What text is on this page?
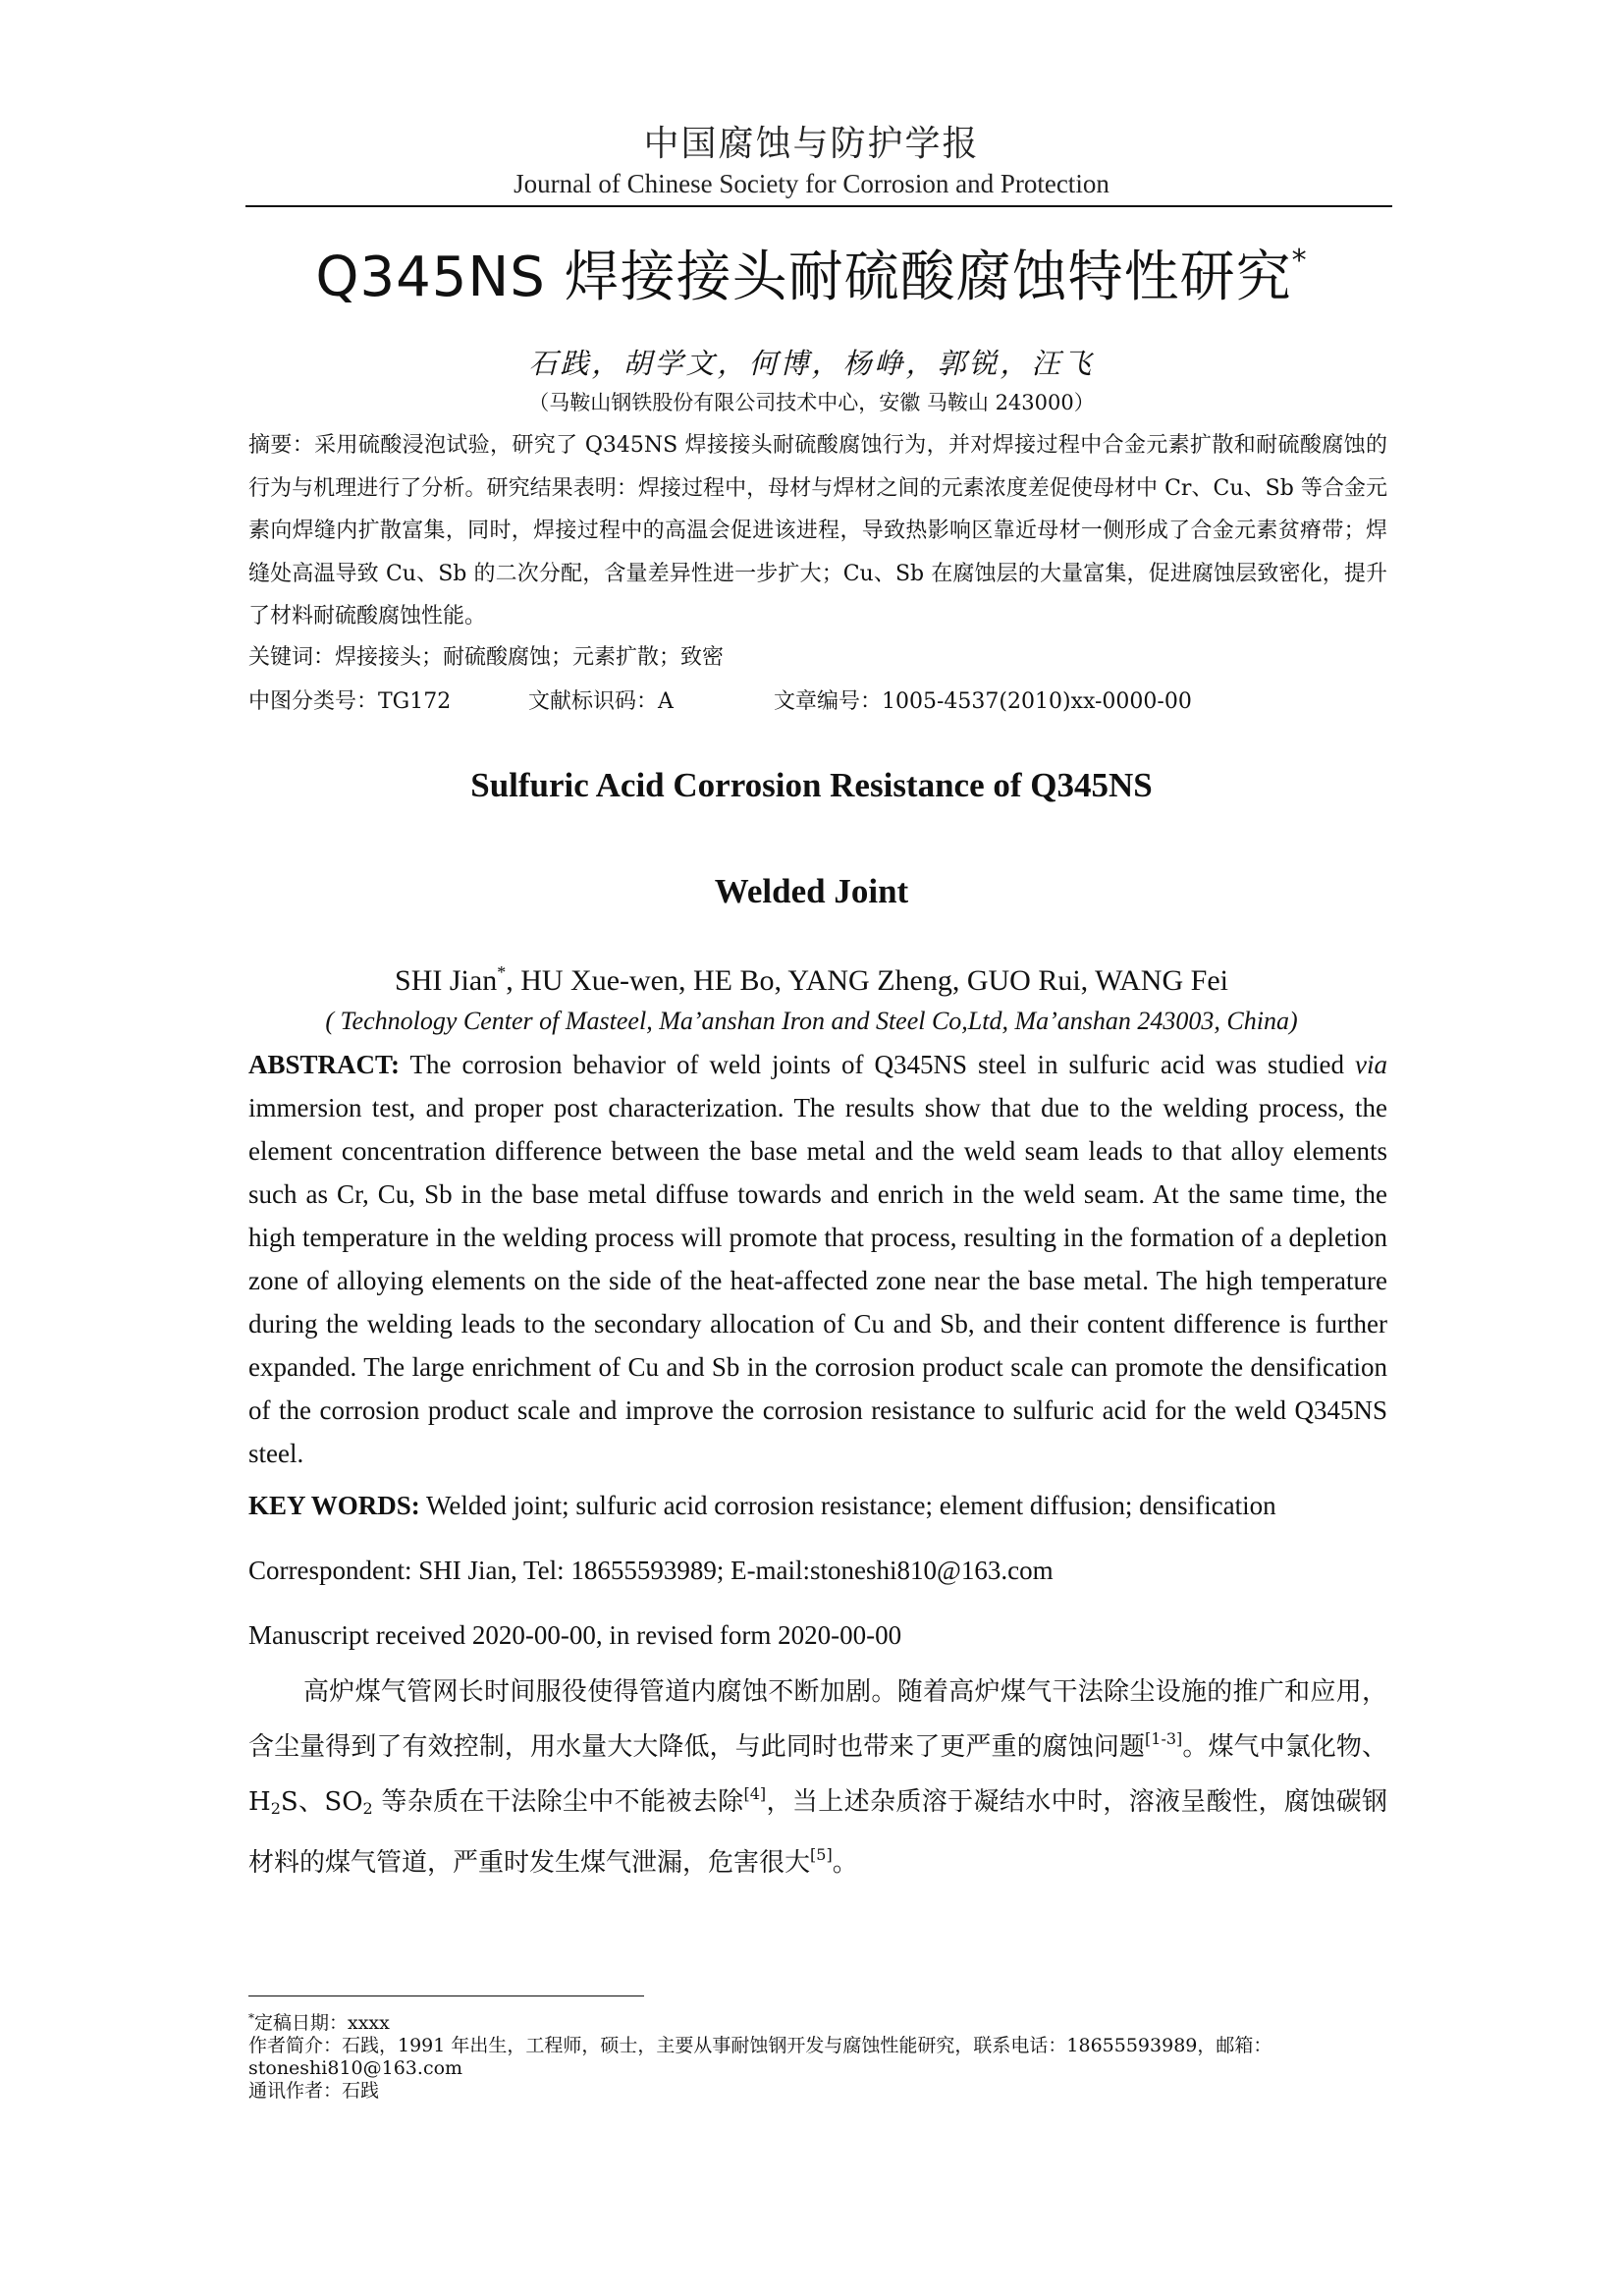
中国腐蚀与防护学报
Journal of Chinese Society for Corrosion and Protection
Q345NS 焊接接头耐硫酸腐蚀特性研究*
石践，胡学文，何博，杨峥，郭锐，汪飞
（马鞍山钢铁股份有限公司技术中心，安徽 马鞍山 243000）
摘要：采用硫酸浸泡试验，研究了 Q345NS 焊接接头耐硫酸腐蚀行为，并对焊接过程中合金元素扩散和耐硫酸腐蚀的行为与机理进行了分析。研究结果表明：焊接过程中，母材与焊材之间的元素浓度差促使母材中 Cr、Cu、Sb 等合金元素向焊缝内扩散富集，同时，焊接过程中的高温会促进该进程，导致热影响区靠近母材一侧形成了合金元素贫瘠带；焊缝处高温导致 Cu、Sb 的二次分配，含量差异性进一步扩大；Cu、Sb 在腐蚀层的大量富集，促进腐蚀层致密化，提升了材料耐硫酸腐蚀性能。
关键词：焊接接头；耐硫酸腐蚀；元素扩散；致密
中图分类号：TG172	文献标识码：A	文章编号：1005-4537(2010)xx-0000-00
Sulfuric Acid Corrosion Resistance of Q345NS
Welded Joint
SHI Jian*, HU Xue-wen, HE Bo, YANG Zheng, GUO Rui, WANG Fei
( Technology Center of Masteel, Ma’anshan Iron and Steel Co,Ltd, Ma’anshan 243003, China)
ABSTRACT: The corrosion behavior of weld joints of Q345NS steel in sulfuric acid was studied via immersion test, and proper post characterization. The results show that due to the welding process, the element concentration difference between the base metal and the weld seam leads to that alloy elements such as Cr, Cu, Sb in the base metal diffuse towards and enrich in the weld seam. At the same time, the high temperature in the welding process will promote that process, resulting in the formation of a depletion zone of alloying elements on the side of the heat-affected zone near the base metal. The high temperature during the welding leads to the secondary allocation of Cu and Sb, and their content difference is further expanded. The large enrichment of Cu and Sb in the corrosion product scale can promote the densification of the corrosion product scale and improve the corrosion resistance to sulfuric acid for the weld Q345NS steel.
KEY WORDS: Welded joint; sulfuric acid corrosion resistance; element diffusion; densification
Correspondent: SHI Jian, Tel: 18655593989; E-mail:stoneshi810@163.com
Manuscript received 2020-00-00, in revised form 2020-00-00
高炉煤气管网长时间服役使得管道内腐蚀不断加剧。随着高炉煤气干法除尘设施的推广和应用，含尘量得到了有效控制，用水量大大降低，与此同时也带来了更严重的腐蚀问题[1-3]。煤气中氯化物、$H_2S$、$SO_2$ 等杂质在干法除尘中不能被去除[4]，当上述杂质溶于凝结水中时，溶液呈酸性，腐蚀碳钢材料的煤气管道，严重时发生煤气泄漏，危害很大[5]。
*定稿日期：xxxx
作者简介：石践，1991 年出生，工程师，硕士，主要从事耐蚀钢开发与腐蚀性能研究，联系电话：18655593989，邮箱：stoneshi810@163.com
通讯作者：石践
